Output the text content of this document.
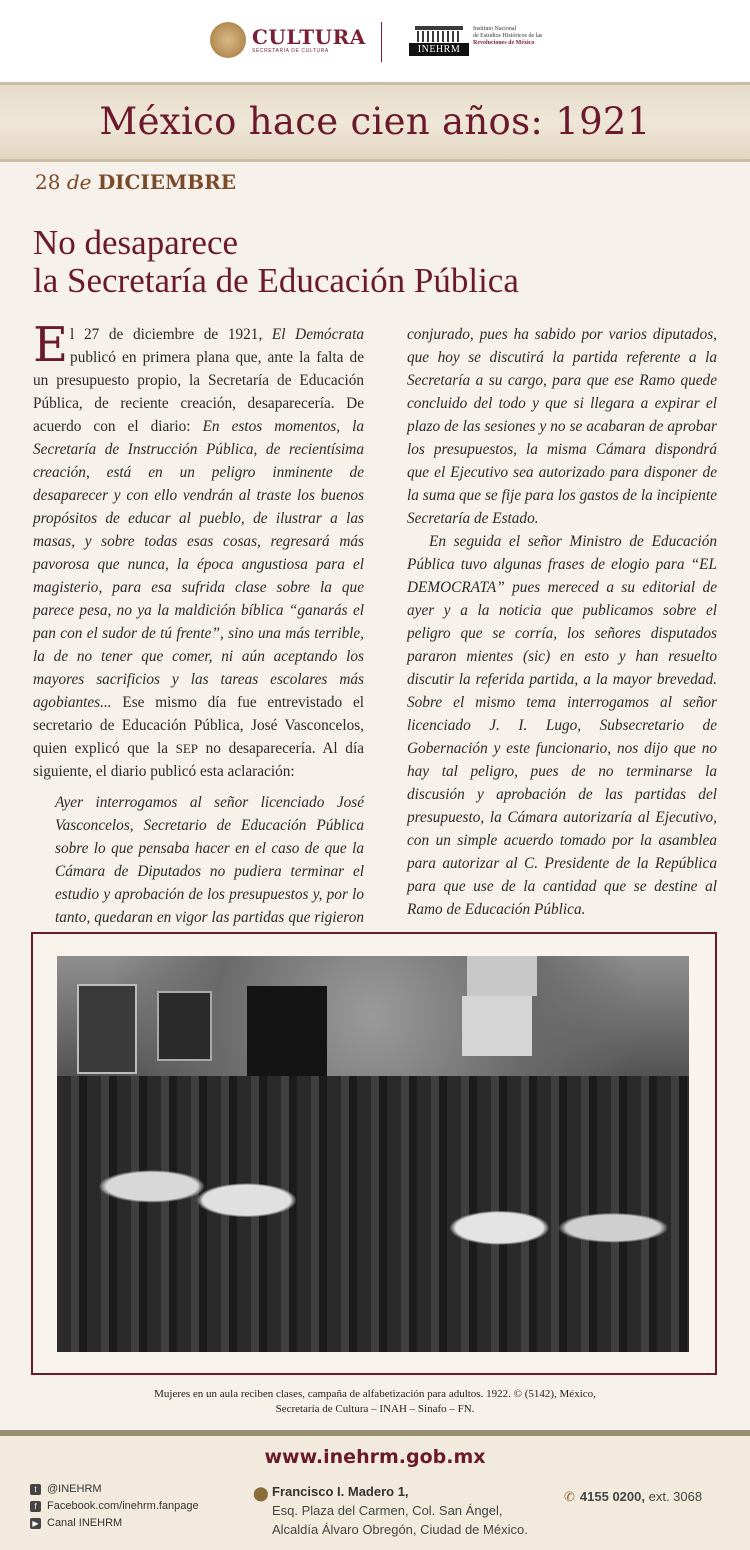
CULTURA
SECRETARÍA DE CULTURA	INEHRM
Instituto Nacional
de Estudios Históricos de las
Revoluciones de México
México hace cien años: 1921
28 de DICIEMBRE
No desaparece
la Secretaría de Educación Pública

El 27 de diciembre de 1921, El Demócrata publicó en primera plana que, ante la falta de un presupuesto propio, la Secretaría de Educación Pública, de reciente creación, desaparecería. De acuerdo con el diario: En estos momentos, la Secretaría de Instrucción Pública, de recientísima creación, está en un peligro inminente de desaparecer y con ello vendrán al traste los buenos propósitos de educar al pueblo, de ilustrar a las masas, y sobre todas esas cosas, regresará más pavorosa que nunca, la época angustiosa para el magisterio, para esa sufrida clase sobre la que parece pesa, no ya la maldición bíblica “ganarás el pan con el sudor de tú frente”, sino una más terrible, la de no tener que comer, ni aún aceptando los mayores sacrificios y las tareas escolares más agobiantes... Ese mismo día fue entrevistado el secretario de Educación Pública, José Vasconcelos, quien explicó que la SEP no desaparecería. Al día siguiente, el diario publicó esta aclaración:

Ayer interrogamos al señor licenciado José Vasconcelos, Secretario de Educación Pública sobre lo que pensaba hacer en el caso de que la Cámara de Diputados no pudiera terminar el estudio y aprobación de los presupuestos y, por lo tanto, quedaran en vigor las partidas que rigieron

conjurado, pues ha sabido por varios diputados, que hoy se discutirá la partida referente a la Secretaría a su cargo, para que ese Ramo quede concluido del todo y que si llegara a expirar el plazo de las sesiones y no se acabaran de aprobar los presupuestos, la misma Cámara dispondrá que el Ejecutivo sea autorizado para disponer de la suma que se fije para los gastos de la incipiente Secretaría de Estado.

En seguida el señor Ministro de Educación Pública tuvo algunas frases de elogio para “EL DEMOCRATA” pues mereced a su editorial de ayer y a la noticia que publicamos sobre el peligro que se corría, los señores disputados pararon mientes (sic) en esto y han resuelto discutir la referida partida, a la mayor brevedad. Sobre el mismo tema interrogamos al señor licenciado J. I. Lugo, Subsecretario de Gobernación y este funcionario, nos dijo que no hay tal peligro, pues de no terminarse la discusión y aprobación de las partidas del presupuesto, la Cámara autorizaría al Ejecutivo, con un simple acuerdo tomado por la asamblea para autorizar al C. Presidente de la República para que use de la cantidad que se destine al Ramo de Educación Pública.

Mujeres en un aula reciben clases, campaña de alfabetización para adultos. 1922. © (5142), México,
Secretaría de Cultura – INAH – Sinafo – FN.
www.inehrm.gob.mx
t @INEHRM
f Facebook.com/inehrm.fanpage
▶ Canal INEHRM
⬤ Francisco I. Madero 1,
Esq. Plaza del Carmen, Col. San Ángel,
Alcaldía Álvaro Obregón, Ciudad de México.
✆ 4155 0200, ext. 3068
